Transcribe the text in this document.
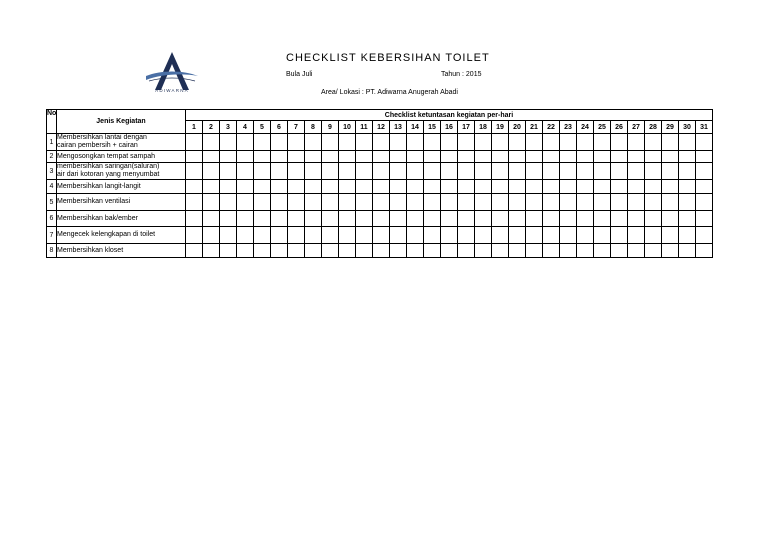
ADIWARNA
CHECKLIST KEBERSIHAN TOILET
Bula Juli	Tahun : 2015
Area/ Lokasi : PT. Adiwarna Anugerah Abadi
No	Jenis Kegiatan	Checklist ketuntasan kegiatan per-hari																														
		1	2	3	4	5	6	7	8	9	10	11	12	13	14	15	16	17	18	19	20	21	22	23	24	25	26	27	28	29	30	31
1	Membersihkan lantai dengan
cairan pembersih + cairan																															

2	Mengosongkan tempat sampah																															

3	membersihkan saringan(saluran)
air dari kotoran yang menyumbat																															

4	Membersihkan langit-langit																															

5	Membersihkan ventilasi																															

6	Membersihkan bak/ember																															

7	Mengecek kelengkapan di toilet																															

8	Membersihkan kloset																															
